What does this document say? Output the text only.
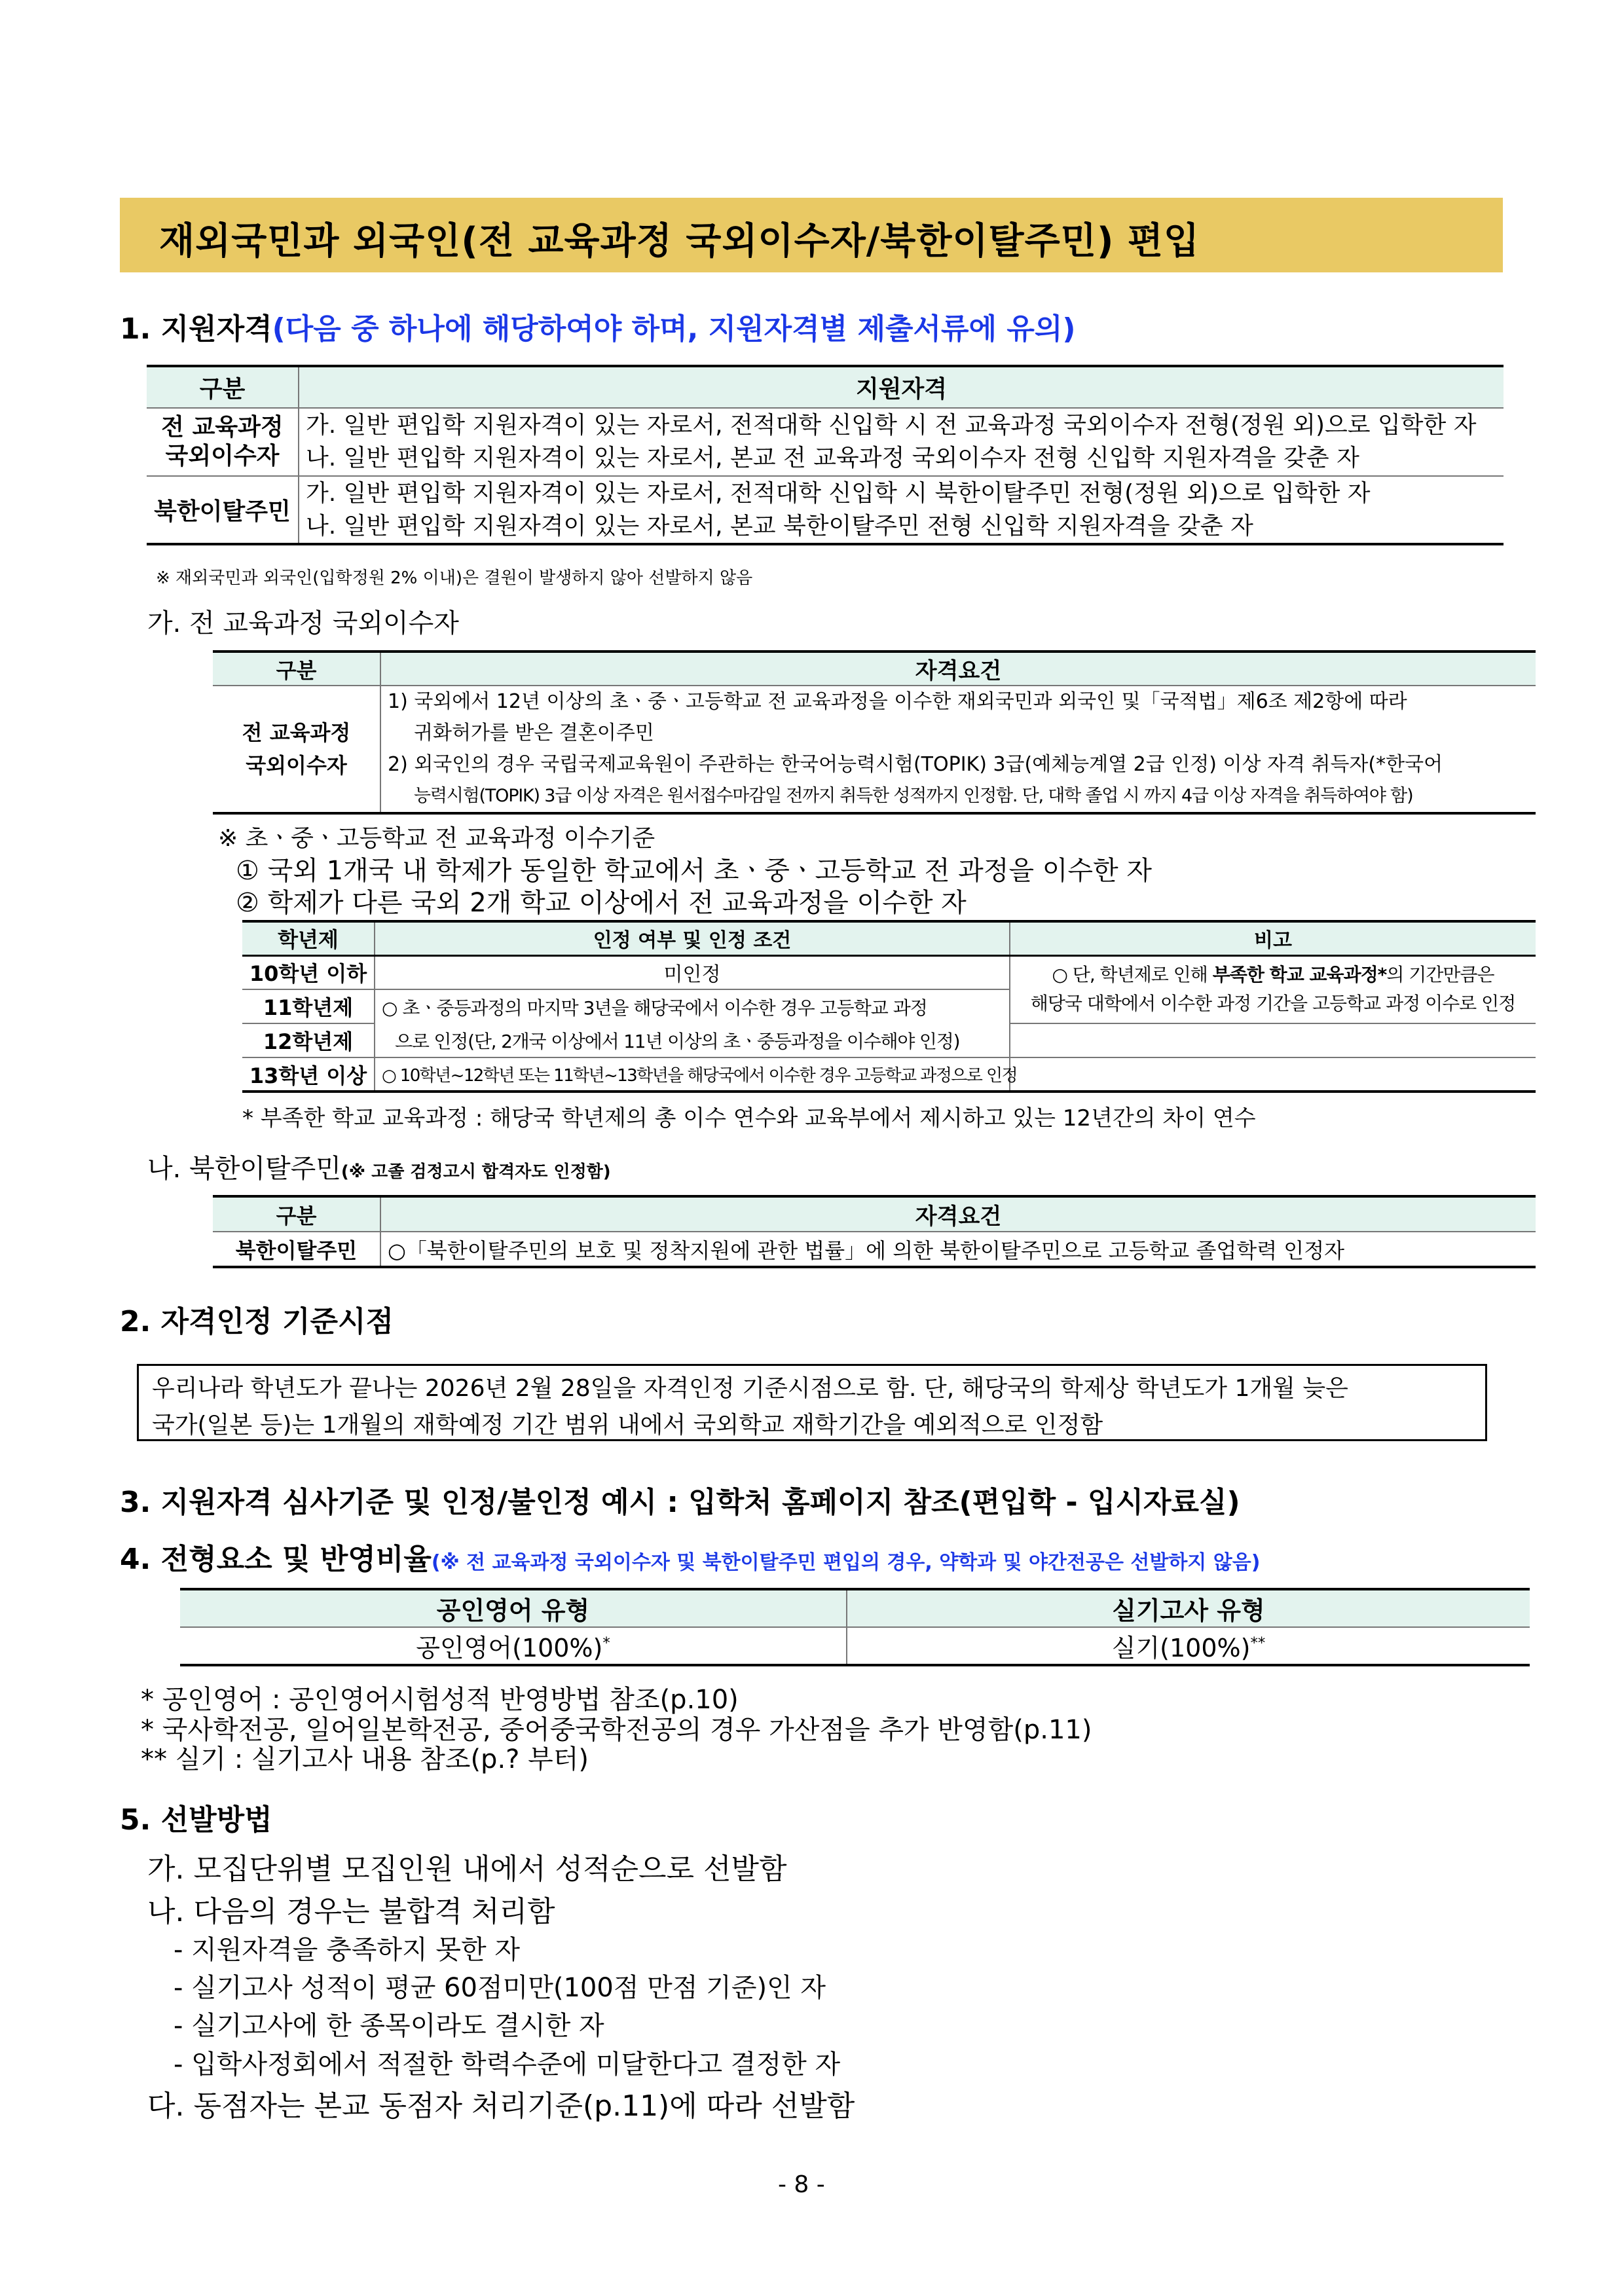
재외국민과 외국인(전 교육과정 국외이수자/북한이탈주민) 편입
1. 지원자격(다음 중 하나에 해당하여야 하며, 지원자격별 제출서류에 유의)
구분	지원자격
전 교육과정
국외이수자	가. 일반 편입학 지원자격이 있는 자로서, 전적대학 신입학 시 전 교육과정 국외이수자 전형(정원 외)으로 입학한 자
나. 일반 편입학 지원자격이 있는 자로서, 본교 전 교육과정 국외이수자 전형 신입학 지원자격을 갖춘 자

북한이탈주민	가. 일반 편입학 지원자격이 있는 자로서, 전적대학 신입학 시 북한이탈주민 전형(정원 외)으로 입학한 자
나. 일반 편입학 지원자격이 있는 자로서, 본교 북한이탈주민 전형 신입학 지원자격을 갖춘 자
※ 재외국민과 외국인(입학정원 2% 이내)은 결원이 발생하지 않아 선발하지 않음
가. 전 교육과정 국외이수자
구분	자격요건
전 교육과정
국외이수자	1) 국외에서 12년 이상의 초ㆍ중ㆍ고등학교 전 교육과정을 이수한 재외국민과 외국인 및「국적법」제6조 제2항에 따라
귀화허가를 받은 결혼이주민
2) 외국인의 경우 국립국제교육원이 주관하는 한국어능력시험(TOPIK) 3급(예체능계열 2급 인정) 이상 자격 취득자(*한국어
능력시험(TOPIK) 3급 이상 자격은 원서접수마감일 전까지 취득한 성적까지 인정함. 단, 대학 졸업 시 까지 4급 이상 자격을 취득하여야 함)
※ 초ㆍ중ㆍ고등학교 전 교육과정 이수기준
① 국외 1개국 내 학제가 동일한 학교에서 초ㆍ중ㆍ고등학교 전 과정을 이수한 자
② 학제가 다른 국외 2개 학교 이상에서 전 교육과정을 이수한 자
학년제	인정 여부 및 인정 조건	비고
10학년 이하	미인정	○ 단, 학년제로 인해 부족한 학교 교육과정*의 기간만큼은
해당국 대학에서 이수한 과정 기간을 고등학교 과정 이수로 인정
11학년제	○ 초ㆍ중등과정의 마지막 3년을 해당국에서 이수한 경우 고등학교 과정	
12학년제	으로 인정(단, 2개국 이상에서 11년 이상의 초ㆍ중등과정을 이수해야 인정)	
13학년 이상	○ 10학년~12학년 또는 11학년~13학년을 해당국에서 이수한 경우 고등학교 과정으로 인정	
* 부족한 학교 교육과정 : 해당국 학년제의 총 이수 연수와 교육부에서 제시하고 있는 12년간의 차이 연수
나. 북한이탈주민(※ 고졸 검정고시 합격자도 인정함)
구분	자격요건
북한이탈주민	○「북한이탈주민의 보호 및 정착지원에 관한 법률」에 의한 북한이탈주민으로 고등학교 졸업학력 인정자
2. 자격인정 기준시점
우리나라 학년도가 끝나는 2026년 2월 28일을 자격인정 기준시점으로 함. 단, 해당국의 학제상 학년도가 1개월 늦은
국가(일본 등)는 1개월의 재학예정 기간 범위 내에서 국외학교 재학기간을 예외적으로 인정함
3. 지원자격 심사기준 및 인정/불인정 예시 : 입학처 홈페이지 참조(편입학 - 입시자료실)
4. 전형요소 및 반영비율(※ 전 교육과정 국외이수자 및 북한이탈주민 편입의 경우, 약학과 및 야간전공은 선발하지 않음)
공인영어 유형	실기고사 유형
공인영어(100%)*	실기(100%)**
* 공인영어 : 공인영어시험성적 반영방법 참조(p.10)
* 국사학전공, 일어일본학전공, 중어중국학전공의 경우 가산점을 추가 반영함(p.11)
** 실기 : 실기고사 내용 참조(p.? 부터)
5. 선발방법
가. 모집단위별 모집인원 내에서 성적순으로 선발함
나. 다음의 경우는 불합격 처리함
- 지원자격을 충족하지 못한 자
- 실기고사 성적이 평균 60점미만(100점 만점 기준)인 자
- 실기고사에 한 종목이라도 결시한 자
- 입학사정회에서 적절한 학력수준에 미달한다고 결정한 자
다. 동점자는 본교 동점자 처리기준(p.11)에 따라 선발함
- 8 -
